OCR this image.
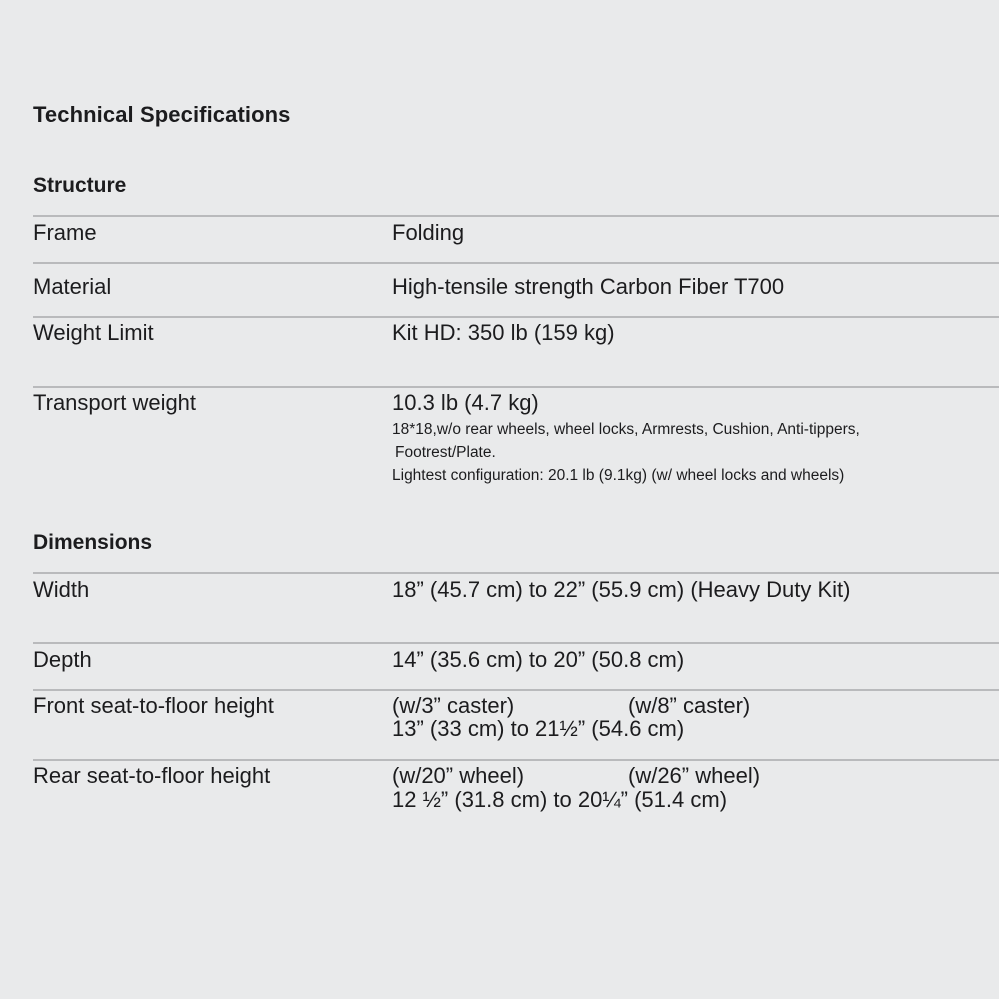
Technical Specifications
Structure
Frame	Folding
Material	High-tensile strength Carbon Fiber T700
Weight Limit	Kit HD: 350 lb (159 kg)
Transport weight	10.3 lb (4.7 kg)
18*18,w/o rear wheels, wheel locks, Armrests, Cushion, Anti-tippers,
Footrest/Plate.
Lightest configuration: 20.1 lb (9.1kg) (w/ wheel locks and wheels)
Dimensions
Width	18” (45.7 cm) to 22” (55.9 cm) (Heavy Duty Kit)
Depth	14” (35.6 cm) to 20” (50.8 cm)
Front seat-to-floor height	(w/3” caster)	(w/8” caster)
13” (33 cm) to 21½” (54.6 cm)
Rear seat-to-floor height	(w/20” wheel)	(w/26” wheel)
12 ½” (31.8 cm) to 20¼” (51.4 cm)
